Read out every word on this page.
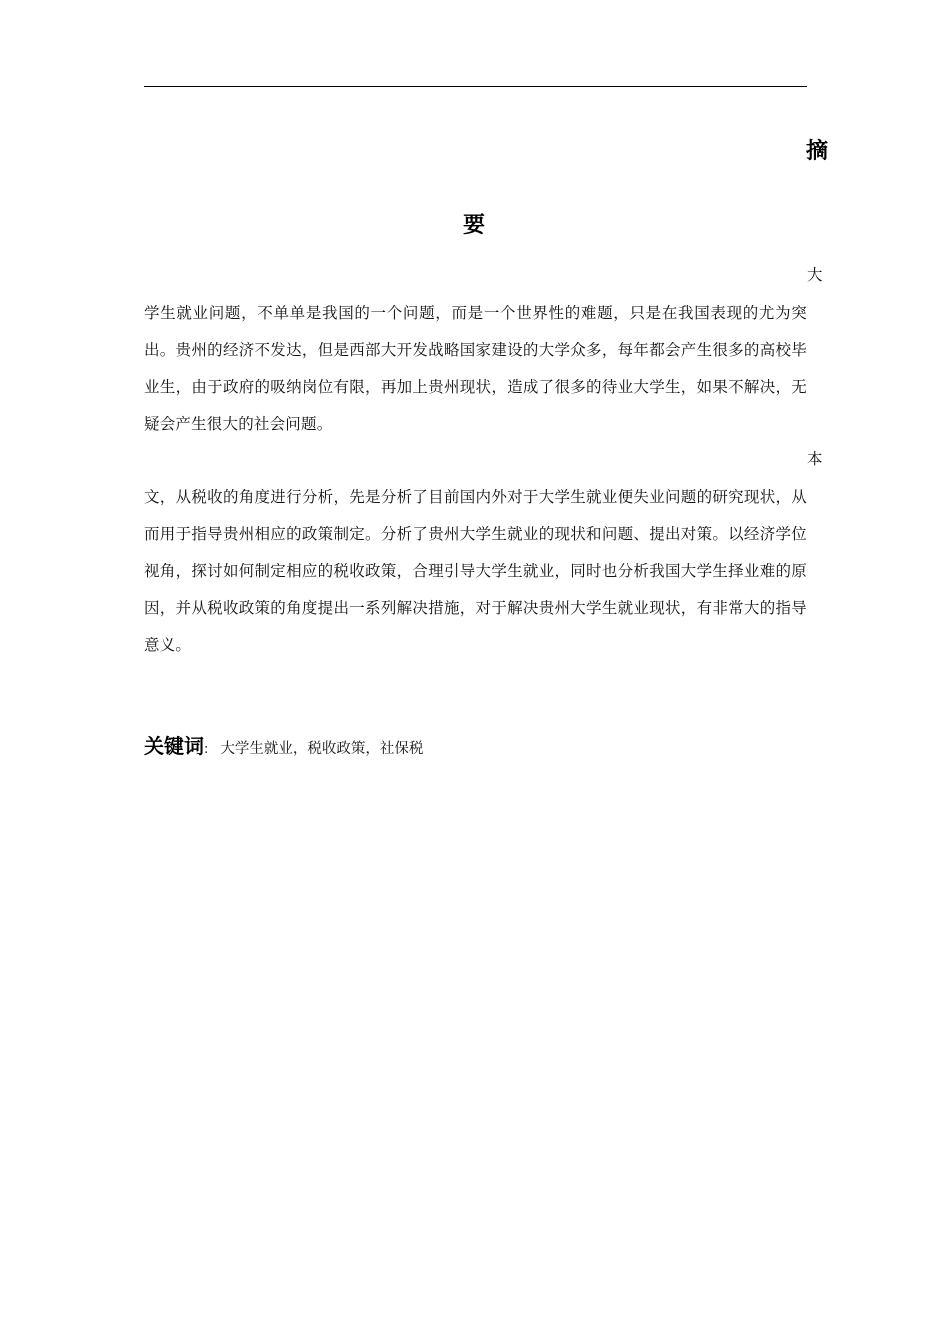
摘
要
大
学生就业问题，不单单是我国的一个问题，而是一个世界性的难题，只是在我国表现的尤为突出。贵州的经济不发达，但是西部大开发战略国家建设的大学众多，每年都会产生很多的高校毕业生，由于政府的吸纳岗位有限，再加上贵州现状，造成了很多的待业大学生，如果不解决，无疑会产生很大的社会问题。
本
文，从税收的角度进行分析，先是分析了目前国内外对于大学生就业便失业问题的研究现状，从而用于指导贵州相应的政策制定。分析了贵州大学生就业的现状和问题、提出对策。以经济学位视角，探讨如何制定相应的税收政策，合理引导大学生就业，同时也分析我国大学生择业难的原因，并从税收政策的角度提出一系列解决措施，对于解决贵州大学生就业现状，有非常大的指导意义。
关键词: 大学生就业，税收政策，社保税
